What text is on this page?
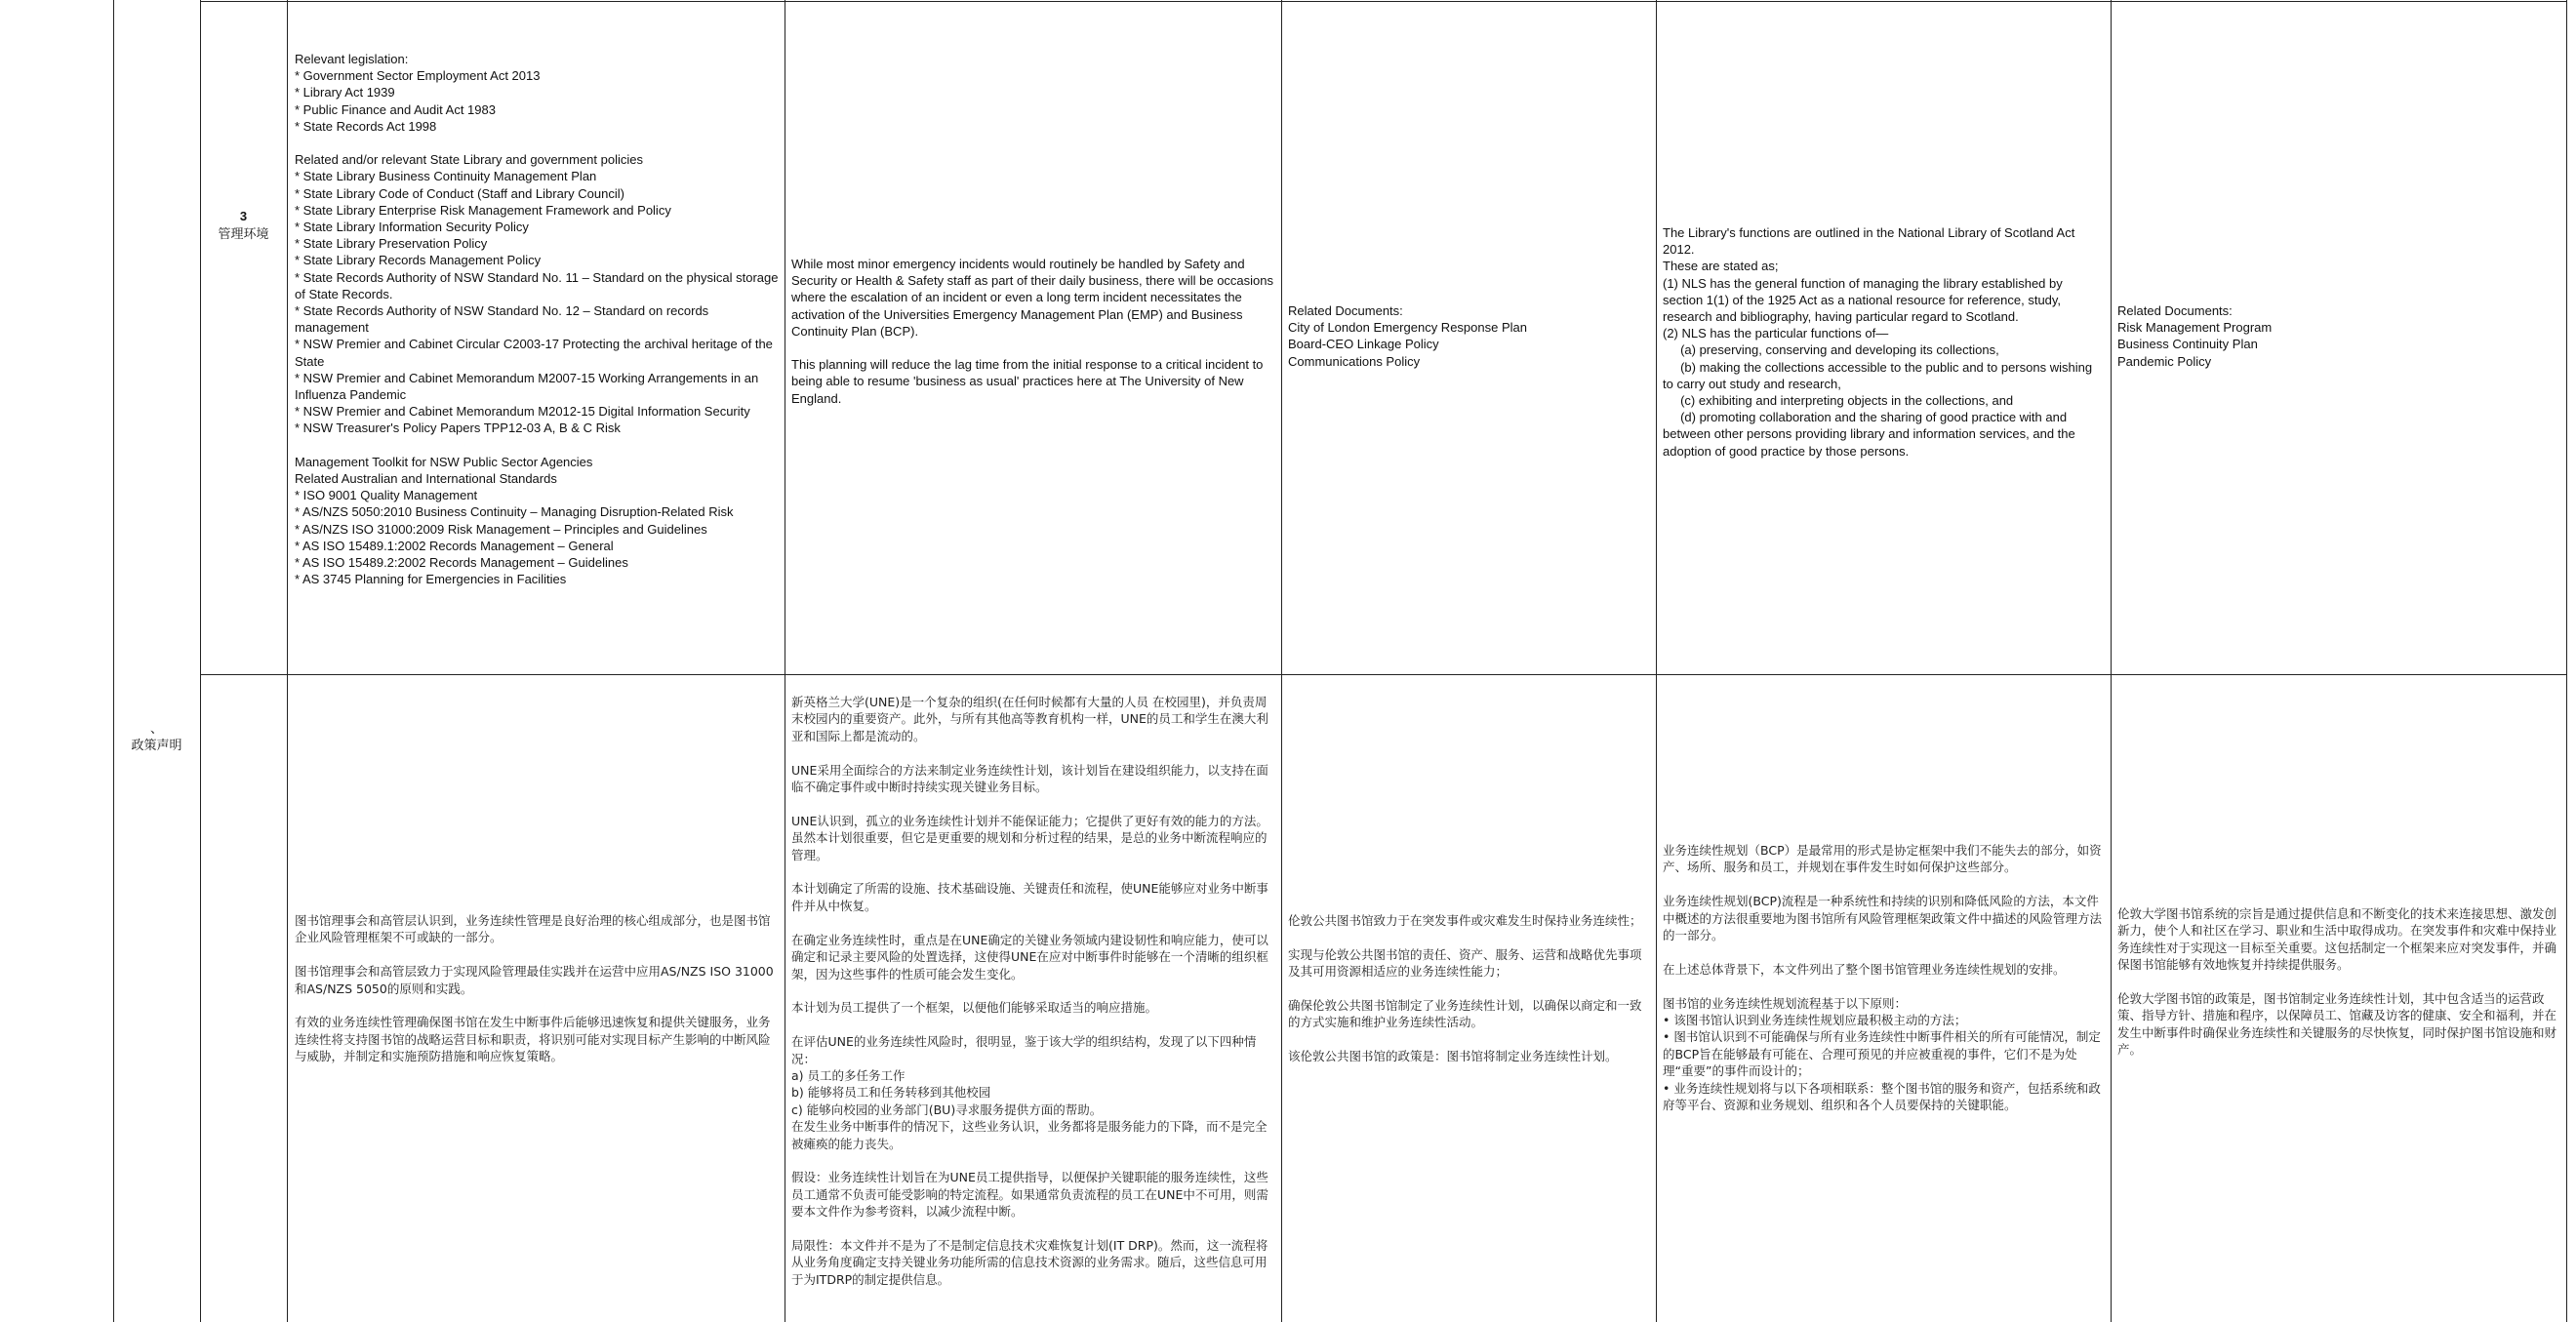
3
管理环境
Relevant legislation:
* Government Sector Employment Act 2013
* Library Act 1939
* Public Finance and Audit Act 1983
* State Records Act 1998

Related and/or relevant State Library and government policies
* State Library Business Continuity Management Plan
* State Library Code of Conduct (Staff and Library Council)
* State Library Enterprise Risk Management Framework and Policy
* State Library Information Security Policy
* State Library Preservation Policy
* State Library Records Management Policy
* State Records Authority of NSW Standard No. 11 – Standard on the physical storage of State Records.
* State Records Authority of NSW Standard No. 12 – Standard on records management
* NSW Premier and Cabinet Circular C2003-17 Protecting the archival heritage of the State
* NSW Premier and Cabinet Memorandum M2007-15 Working Arrangements in an Influenza Pandemic
* NSW Premier and Cabinet Memorandum M2012-15 Digital Information Security
* NSW Treasurer's Policy Papers TPP12-03 A, B & C Risk

Management Toolkit for NSW Public Sector Agencies
Related Australian and International Standards
* ISO 9001 Quality Management
* AS/NZS 5050:2010 Business Continuity – Managing Disruption-Related Risk
* AS/NZS ISO 31000:2009 Risk Management – Principles and Guidelines
* AS ISO 15489.1:2002 Records Management – General
* AS ISO 15489.2:2002 Records Management – Guidelines
* AS 3745 Planning for Emergencies in Facilities
While most minor emergency incidents would routinely be handled by Safety and Security or Health & Safety staff as part of their daily business, there will be occasions where the escalation of an incident or even a long term incident necessitates the activation of the Universities Emergency Management Plan (EMP) and Business Continuity Plan (BCP).

This planning will reduce the lag time from the initial response to a critical incident to being able to resume 'business as usual' practices here at The University of New England.
Related Documents:
City of London Emergency Response Plan
Board-CEO Linkage Policy
Communications Policy
The Library's functions are outlined in the National Library of Scotland Act 2012.
These are stated as;
(1) NLS has the general function of managing the library established by section 1(1) of the 1925 Act as a national resource for reference, study, research and bibliography, having particular regard to Scotland.
(2) NLS has the particular functions of—
(a) preserving, conserving and developing its collections,
(b) making the collections accessible to the public and to persons wishing to carry out study and research,
(c) exhibiting and interpreting objects in the collections, and
(d) promoting collaboration and the sharing of good practice with and between other persons providing library and information services, and the adoption of good practice by those persons.
Related Documents:
Risk Management Program
Business Continuity Plan
Pandemic Policy
、
政策声明
图书馆理事会和高管层认识到，业务连续性管理是良好治理的核心组成部分，也是图书馆企业风险管理框架不可或缺的一部分。

图书馆理事会和高管层致力于实现风险管理最佳实践并在运营中应用AS/NZS ISO 31000和AS/NZS 5050的原则和实践。

有效的业务连续性管理确保图书馆在发生中断事件后能够迅速恢复和提供关键服务，业务连续性将支持图书馆的战略运营目标和职责，将识别可能对实现目标产生影响的中断风险与威胁，并制定和实施预防措施和响应恢复策略。
新英格兰大学(UNE)是一个复杂的组织(在任何时候都有大量的人员 在校园里)，并负责周末校园内的重要资产。此外，与所有其他高等教育机构一样，UNE的员工和学生在澳大利亚和国际上都是流动的。

UNE采用全面综合的方法来制定业务连续性计划，该计划旨在建设组织能力，以支持在面临不确定事件或中断时持续实现关键业务目标。

UNE认识到，孤立的业务连续性计划并不能保证能力；它提供了更好有效的能力的方法。虽然本计划很重要，但它是更重要的规划和分析过程的结果，是总的业务中断流程响应的管理。

本计划确定了所需的设施、技术基础设施、关键责任和流程，使UNE能够应对业务中断事件并从中恢复。

在确定业务连续性时，重点是在UNE确定的关键业务领域内建设韧性和响应能力，使可以确定和记录主要风险的处置选择，这使得UNE在应对中断事件时能够在一个清晰的组织框架，因为这些事件的性质可能会发生变化。

本计划为员工提供了一个框架，以便他们能够采取适当的响应措施。

在评估UNE的业务连续性风险时，很明显，鉴于该大学的组织结构，发现了以下四种情况：
a) 员工的多任务工作
b) 能够将员工和任务转移到其他校园
c) 能够向校园的业务部门(BU)寻求服务提供方面的帮助。
在发生业务中断事件的情况下，这些业务认识，业务都将是服务能力的下降，而不是完全被瘫痪的能力丧失。

假设：业务连续性计划旨在为UNE员工提供指导，以便保护关键职能的服务连续性，这些员工通常不负责可能受影响的特定流程。如果通常负责流程的员工在UNE中不可用，则需要本文件作为参考资料，以减少流程中断。

局限性：本文件并不是为了不是制定信息技术灾难恢复计划(IT DRP)。然而，这一流程将从业务角度确定支持关键业务功能所需的信息技术资源的业务需求。随后，这些信息可用于为ITDRP的制定提供信息。
伦敦公共图书馆致力于在突发事件或灾难发生时保持业务连续性；

实现与伦敦公共图书馆的责任、资产、服务、运营和战略优先事项及其可用资源相适应的业务连续性能力；

确保伦敦公共图书馆制定了业务连续性计划，以确保以商定和一致的方式实施和维护业务连续性活动。

该伦敦公共图书馆的政策是：图书馆将制定业务连续性计划。
业务连续性规划（BCP）是最常用的形式是协定框架中我们不能失去的部分，如资产、场所、服务和员工，并规划在事件发生时如何保护这些部分。

业务连续性规划(BCP)流程是一种系统性和持续的识别和降低风险的方法，本文件中概述的方法很重要地为图书馆所有风险管理框架政策文件中描述的风险管理方法的一部分。

在上述总体背景下，本文件列出了整个图书馆管理业务连续性规划的安排。

图书馆的业务连续性规划流程基于以下原则：
• 该图书馆认识到业务连续性规划应最积极主动的方法；
• 图书馆认识到不可能确保与所有业务连续性中断事件相关的所有可能情况，制定的BCP旨在能够最有可能在、合理可预见的并应被重视的事件，它们不是为处理“重要”的事件而设计的；
• 业务连续性规划将与以下各项相联系：整个图书馆的服务和资产，包括系统和政府等平台、资源和业务规划、组织和各个人员要保持的关键职能。
伦敦大学图书馆系统的宗旨是通过提供信息和不断变化的技术来连接思想、激发创新力，使个人和社区在学习、职业和生活中取得成功。在突发事件和灾难中保持业务连续性对于实现这一目标至关重要。这包括制定一个框架来应对突发事件，并确保图书馆能够有效地恢复并持续提供服务。

伦敦大学图书馆的政策是，图书馆制定业务连续性计划，其中包含适当的运营政策、指导方针、措施和程序，以保障员工、馆藏及访客的健康、安全和福利，并在发生中断事件时确保业务连续性和关键服务的尽快恢复，同时保护图书馆设施和财产。
